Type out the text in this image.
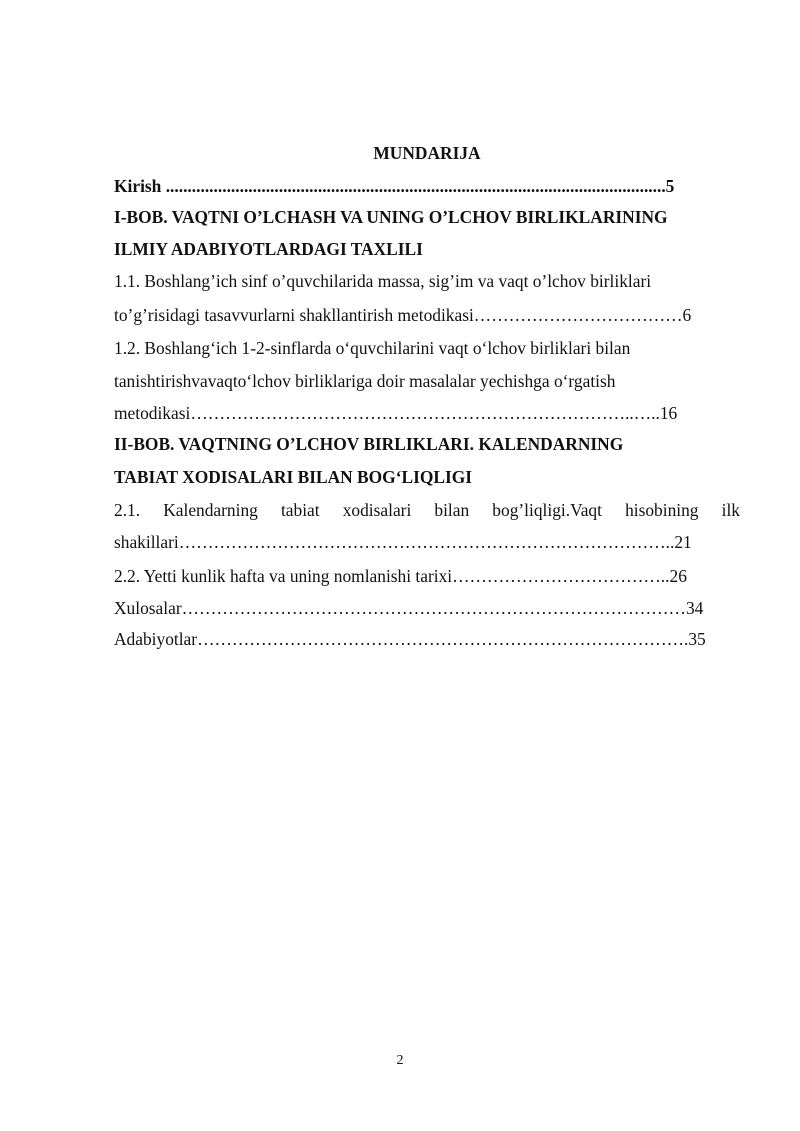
MUNDARIJA
Kirish ...................................................................................................................5
I-BOB. VAQTNI O’LCHASH VA UNING O’LCHOV BIRLIKLARINING
ILMIY ADABIYOTLARDAGI TAXLILI
1.1. Boshlang’ich sinf o’quvchilarida massa, sig’im va vaqt o’lchov birliklari
to’g’risidagi tasavvurlarni shakllantirish metodikasi………………………………6
1.2. Boshlang‘ich 1-2-sinflarda o‘quvchilarini vaqt o‘lchov birliklari bilan
tanishtirishvavaqto‘lchov birliklariga doir masalalar yechishga o‘rgatish
metodikasi…………………………………………………………………..…..16
II-BOB. VAQTNING O’LCHOV BIRLIKLARI. KALENDARNING
TABIAT XODISALARI BILAN BOG‘LIQLIGI
2.1. Kalendarning tabiat xodisalari bilan bog’liqligi.Vaqt hisobining ilk
shakillari…………………………………………………………………………..21
2.2. Yetti kunlik hafta va uning nomlanishi tarixi………………………………..26
Xulosalar……………………………………………………………………………34
Adabiyotlar………………………………………………………………………….35
2
